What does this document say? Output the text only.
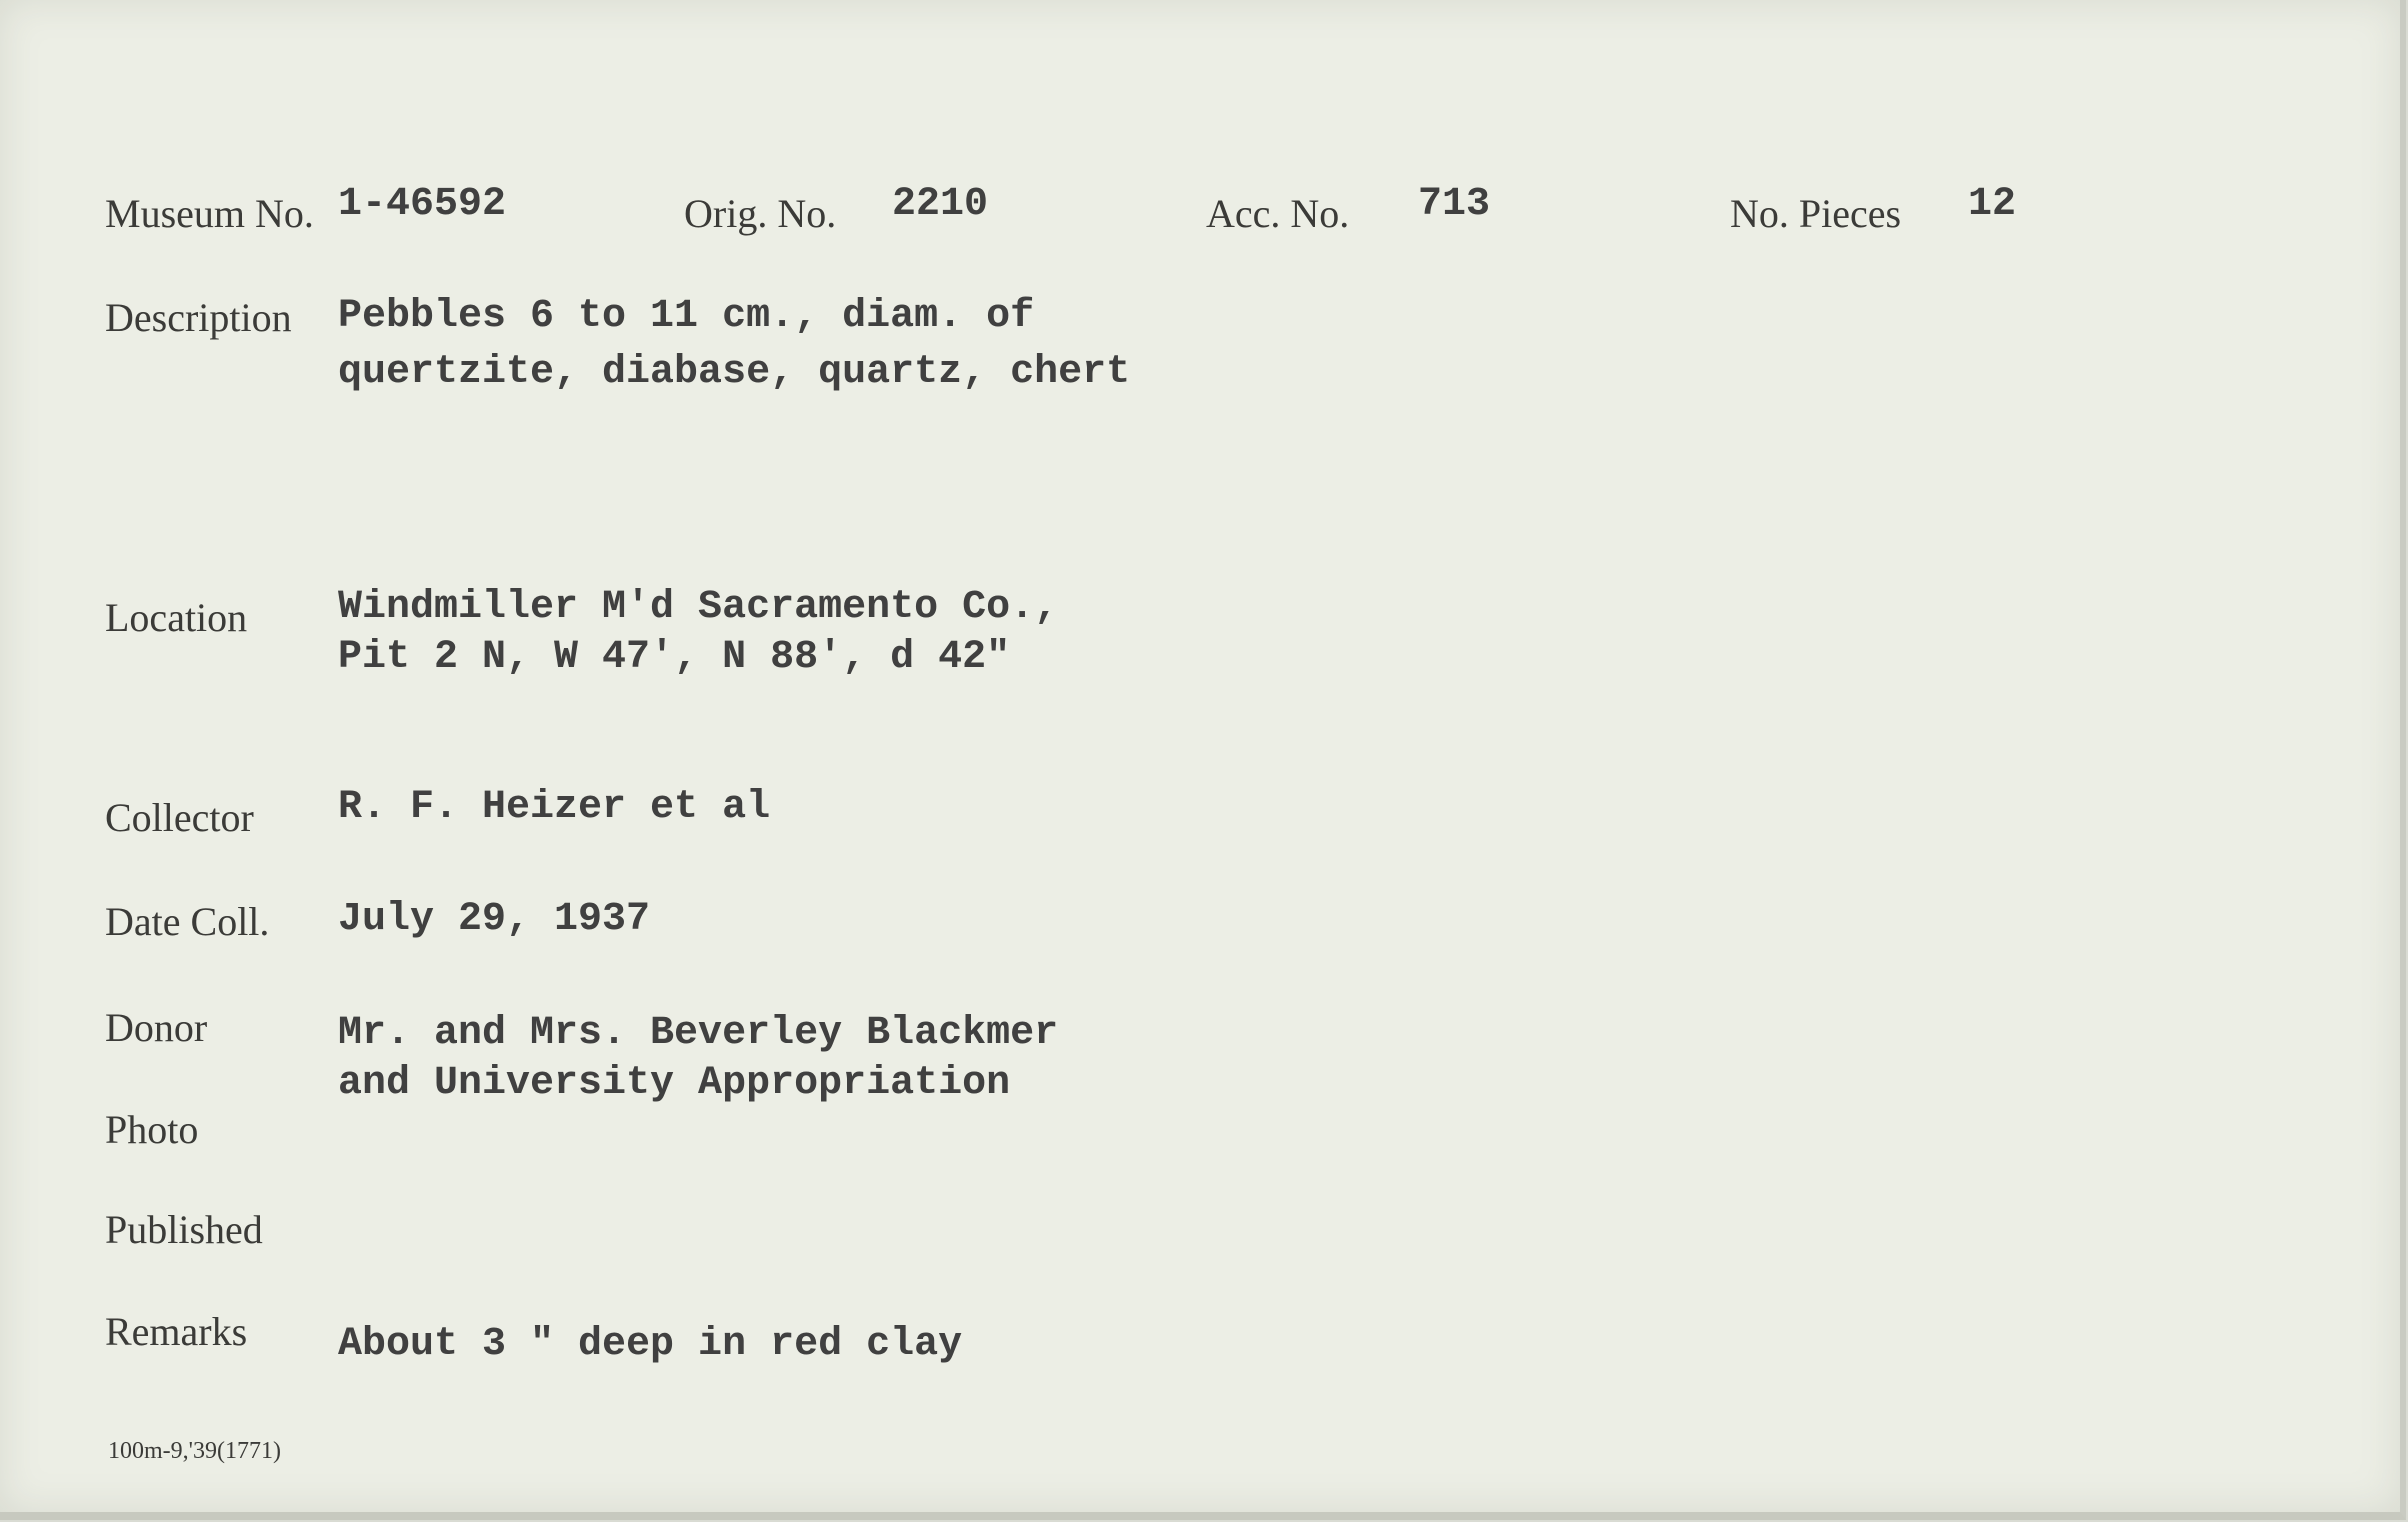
Museum No. 1-46592	Orig. No. 2210	Acc. No. 713	No. Pieces 12
Description Pebbles 6 to 11 cm., diam. of
quertzite, diabase, quartz, chert
Location Windmiller M'd Sacramento Co.,
Pit 2 N, W 47', N 88', d 42"
Collector R. F. Heizer et al
Date Coll. July 29, 1937
Donor	Mr. and Mrs. Beverley Blackmer
and University Appropriation
Photo
Published
Remarks About 3 " deep in red clay
100m-9,'39(1771)
